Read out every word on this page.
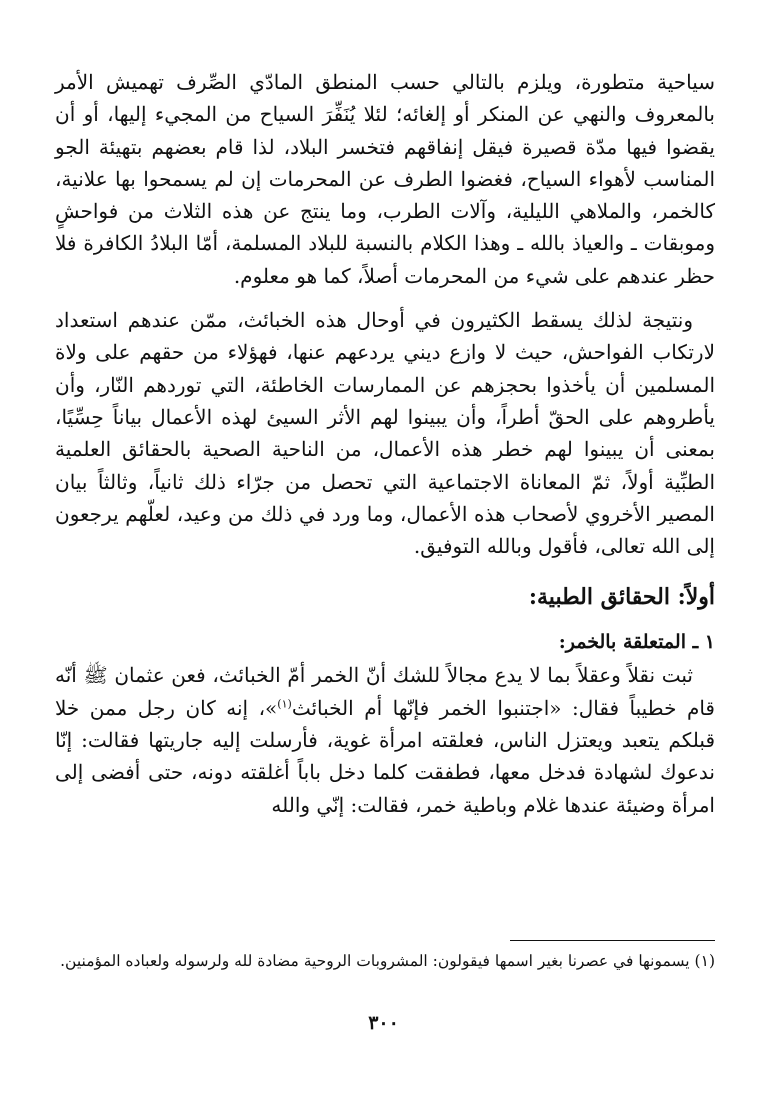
سياحية متطورة، ويلزم بالتالي حسب المنطق المادّي الصِّرف تهميش الأمر بالمعروف والنهي عن المنكر أو إلغائه؛ لئلا يُنَفِّرَ السياح من المجيء إليها، أو أن يقضوا فيها مدّة قصيرة فيقل إنفاقهم فتخسر البلاد، لذا قام بعضهم بتهيئة الجو المناسب لأهواء السياح، فغضوا الطرف عن المحرمات إن لم يسمحوا بها علانية، كالخمر، والملاهي الليلية، وآلات الطرب، وما ينتج عن هذه الثلاث من فواحشٍ وموبقات ـ والعياذ بالله ـ وهذا الكلام بالنسبة للبلاد المسلمة، أمّا البلادُ الكافرة فلا حظر عندهم على شيء من المحرمات أصلاً، كما هو معلوم.

ونتيجة لذلك يسقط الكثيرون في أوحال هذه الخبائث، ممّن عندهم استعداد لارتكاب الفواحش، حيث لا وازع ديني يردعهم عنها، فهؤلاء من حقهم على ولاة المسلمين أن يأخذوا بحجزهم عن الممارسات الخاطئة، التي توردهم النّار، وأن يأطروهم على الحقّ أطراً، وأن يبينوا لهم الأثر السيئ لهذه الأعمال بياناً حِسِّيًا، بمعنى أن يبينوا لهم خطر هذه الأعمال، من الناحية الصحية بالحقائق العلمية الطبِّية أولاً، ثمّ المعاناة الاجتماعية التي تحصل من جرّاء ذلك ثانياً، وثالثاً بيان المصير الأخروي لأصحاب هذه الأعمال، وما ورد في ذلك من وعيد، لعلّهم يرجعون إلى الله تعالى، فأقول وبالله التوفيق.

أولاً: الحقائق الطبية:
١ ـ المتعلقة بالخمر:

ثبت نقلاً وعقلاً بما لا يدع مجالاً للشك أنّ الخمر أمّ الخبائث، فعن عثمان ﷺ أنّه قام خطيباً فقال: «اجتنبوا الخمر فإنّها أم الخبائث$^{(١)}$»، إنه كان رجل ممن خلا قبلكم يتعبد ويعتزل الناس، فعلقته امرأة غوية، فأرسلت إليه جاريتها فقالت: إنّا ندعوك لشهادة فدخل معها، فطفقت كلما دخل باباً أغلقته دونه، حتى أفضى إلى امرأة وضيئة عندها غلام وباطية خمر، فقالت: إنّي والله

(١) يسمونها في عصرنا بغير اسمها فيقولون: المشروبات الروحية مضادة لله ولرسوله ولعباده المؤمنين.
٣٠٠
